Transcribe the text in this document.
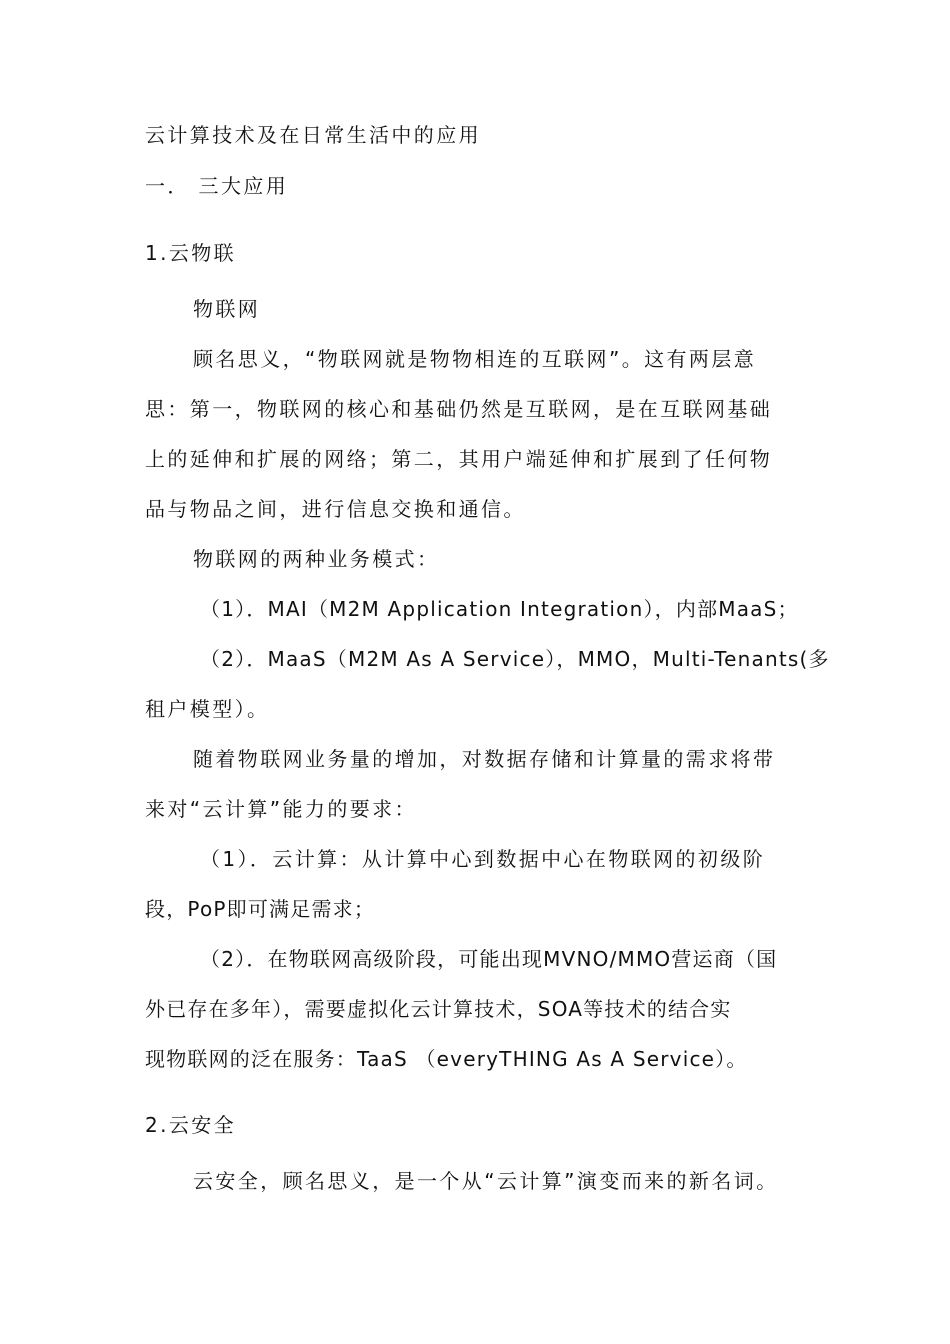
云计算技术及在日常生活中的应用
一． 三大应用
1.云物联
物联网
顾名思义，“物联网就是物物相连的互联网”。这有两层意
思：第一，物联网的核心和基础仍然是互联网，是在互联网基础
上的延伸和扩展的网络；第二，其用户端延伸和扩展到了任何物
品与物品之间，进行信息交换和通信。
物联网的两种业务模式：
（1）．MAI（M2M Application Integration），内部MaaS；
（2）．MaaS（M2M As A Service），MMO，Multi-Tenants(多
租户模型）。
随着物联网业务量的增加，对数据存储和计算量的需求将带
来对“云计算”能力的要求：
（1）．云计算：从计算中心到数据中心在物联网的初级阶
段，PoP即可满足需求；
（2）．在物联网高级阶段，可能出现MVNO/MMO营运商（国
外已存在多年），需要虚拟化云计算技术，SOA等技术的结合实
现物联网的泛在服务：TaaS （everyTHING As A Service）。
2.云安全
云安全，顾名思义，是一个从“云计算”演变而来的新名词。
